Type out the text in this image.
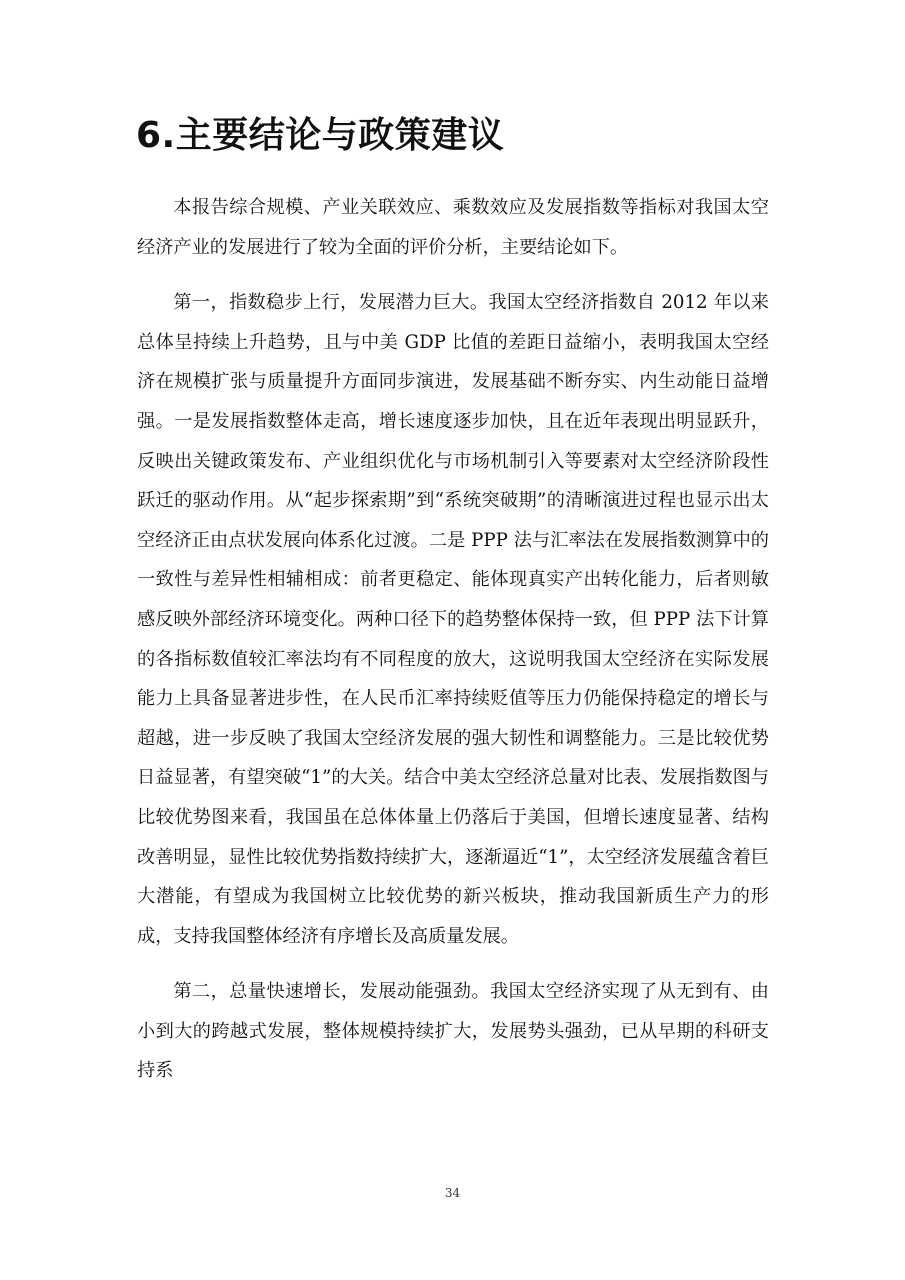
6.主要结论与政策建议

本报告综合规模、产业关联效应、乘数效应及发展指数等指标对我国太空经济产业的发展进行了较为全面的评价分析，主要结论如下。

第一，指数稳步上行，发展潜力巨大。我国太空经济指数自 2012 年以来总体呈持续上升趋势，且与中美 GDP 比值的差距日益缩小，表明我国太空经济在规模扩张与质量提升方面同步演进，发展基础不断夯实、内生动能日益增强。一是发展指数整体走高，增长速度逐步加快，且在近年表现出明显跃升，反映出关键政策发布、产业组织优化与市场机制引入等要素对太空经济阶段性跃迁的驱动作用。从“起步探索期”到“系统突破期”的清晰演进过程也显示出太空经济正由点状发展向体系化过渡。二是 PPP 法与汇率法在发展指数测算中的一致性与差异性相辅相成：前者更稳定、能体现真实产出转化能力，后者则敏感反映外部经济环境变化。两种口径下的趋势整体保持一致，但 PPP 法下计算的各指标数值较汇率法均有不同程度的放大，这说明我国太空经济在实际发展能力上具备显著进步性，在人民币汇率持续贬值等压力仍能保持稳定的增长与超越，进一步反映了我国太空经济发展的强大韧性和调整能力。三是比较优势日益显著，有望突破“1”的大关。结合中美太空经济总量对比表、发展指数图与比较优势图来看，我国虽在总体体量上仍落后于美国，但增长速度显著、结构改善明显，显性比较优势指数持续扩大，逐渐逼近“1”，太空经济发展蕴含着巨大潜能，有望成为我国树立比较优势的新兴板块，推动我国新质生产力的形成，支持我国整体经济有序增长及高质量发展。

第二，总量快速增长，发展动能强劲。我国太空经济实现了从无到有、由小到大的跨越式发展，整体规模持续扩大，发展势头强劲，已从早期的科研支持系

34
